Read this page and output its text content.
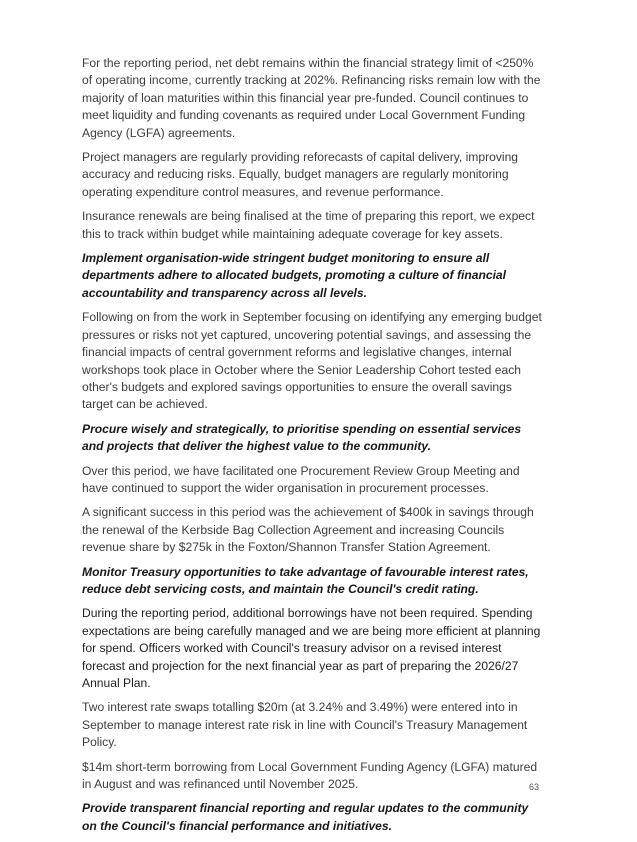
For the reporting period, net debt remains within the financial strategy limit of <250% of operating income, currently tracking at 202%. Refinancing risks remain low with the majority of loan maturities within this financial year pre-funded. Council continues to meet liquidity and funding covenants as required under Local Government Funding Agency (LGFA) agreements.

Project managers are regularly providing reforecasts of capital delivery, improving accuracy and reducing risks. Equally, budget managers are regularly monitoring operating expenditure control measures, and revenue performance.

Insurance renewals are being finalised at the time of preparing this report, we expect this to track within budget while maintaining adequate coverage for key assets.

Implement organisation-wide stringent budget monitoring to ensure all departments adhere to allocated budgets, promoting a culture of financial accountability and transparency across all levels.

Following on from the work in September focusing on identifying any emerging budget pressures or risks not yet captured, uncovering potential savings, and assessing the financial impacts of central government reforms and legislative changes, internal workshops took place in October where the Senior Leadership Cohort tested each other's budgets and explored savings opportunities to ensure the overall savings target can be achieved.

Procure wisely and strategically, to prioritise spending on essential services and projects that deliver the highest value to the community.

Over this period, we have facilitated one Procurement Review Group Meeting and have continued to support the wider organisation in procurement processes.

A significant success in this period was the achievement of $400k in savings through the renewal of the Kerbside Bag Collection Agreement and increasing Councils revenue share by $275k in the Foxton/Shannon Transfer Station Agreement.

Monitor Treasury opportunities to take advantage of favourable interest rates, reduce debt servicing costs, and maintain the Council's credit rating.

During the reporting period, additional borrowings have not been required. Spending expectations are being carefully managed and we are being more efficient at planning for spend. Officers worked with Council's treasury advisor on a revised interest forecast and projection for the next financial year as part of preparing the 2026/27 Annual Plan.

Two interest rate swaps totalling $20m (at 3.24% and 3.49%) were entered into in September to manage interest rate risk in line with Council's Treasury Management Policy.

$14m short-term borrowing from Local Government Funding Agency (LGFA) matured in August and was refinanced until November 2025.

Provide transparent financial reporting and regular updates to the community on the Council's financial performance and initiatives.

63
